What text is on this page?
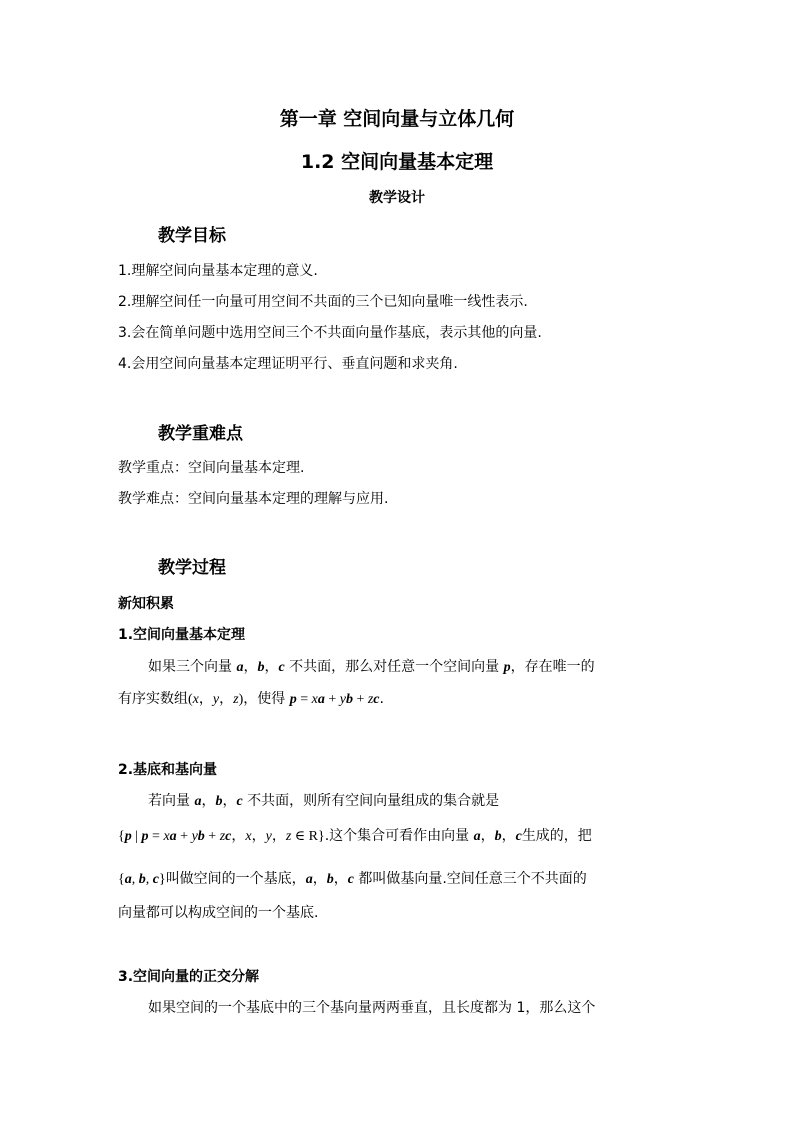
第一章 空间向量与立体几何
1.2 空间向量基本定理
教学设计
教学目标
1.理解空间向量基本定理的意义.
2.理解空间任一向量可用空间不共面的三个已知向量唯一线性表示.
3.会在简单问题中选用空间三个不共面向量作基底，表示其他的向量.
4.会用空间向量基本定理证明平行、垂直问题和求夹角.
教学重难点
教学重点：空间向量基本定理.
教学难点：空间向量基本定理的理解与应用.
教学过程
新知积累
1.空间向量基本定理
如果三个向量 a，b，c 不共面，那么对任意一个空间向量 p，存在唯一的
有序实数组(x，y，z)，使得 p = xa + yb + zc.
2.基底和基向量
若向量 a，b，c 不共面，则所有空间向量组成的集合就是
{p | p = xa + yb + zc，x，y，z ∈ R}.这个集合可看作由向量 a，b，c生成的，把
{a, b, c}叫做空间的一个基底，a，b，c 都叫做基向量.空间任意三个不共面的
向量都可以构成空间的一个基底.
3.空间向量的正交分解
如果空间的一个基底中的三个基向量两两垂直，且长度都为 1，那么这个
